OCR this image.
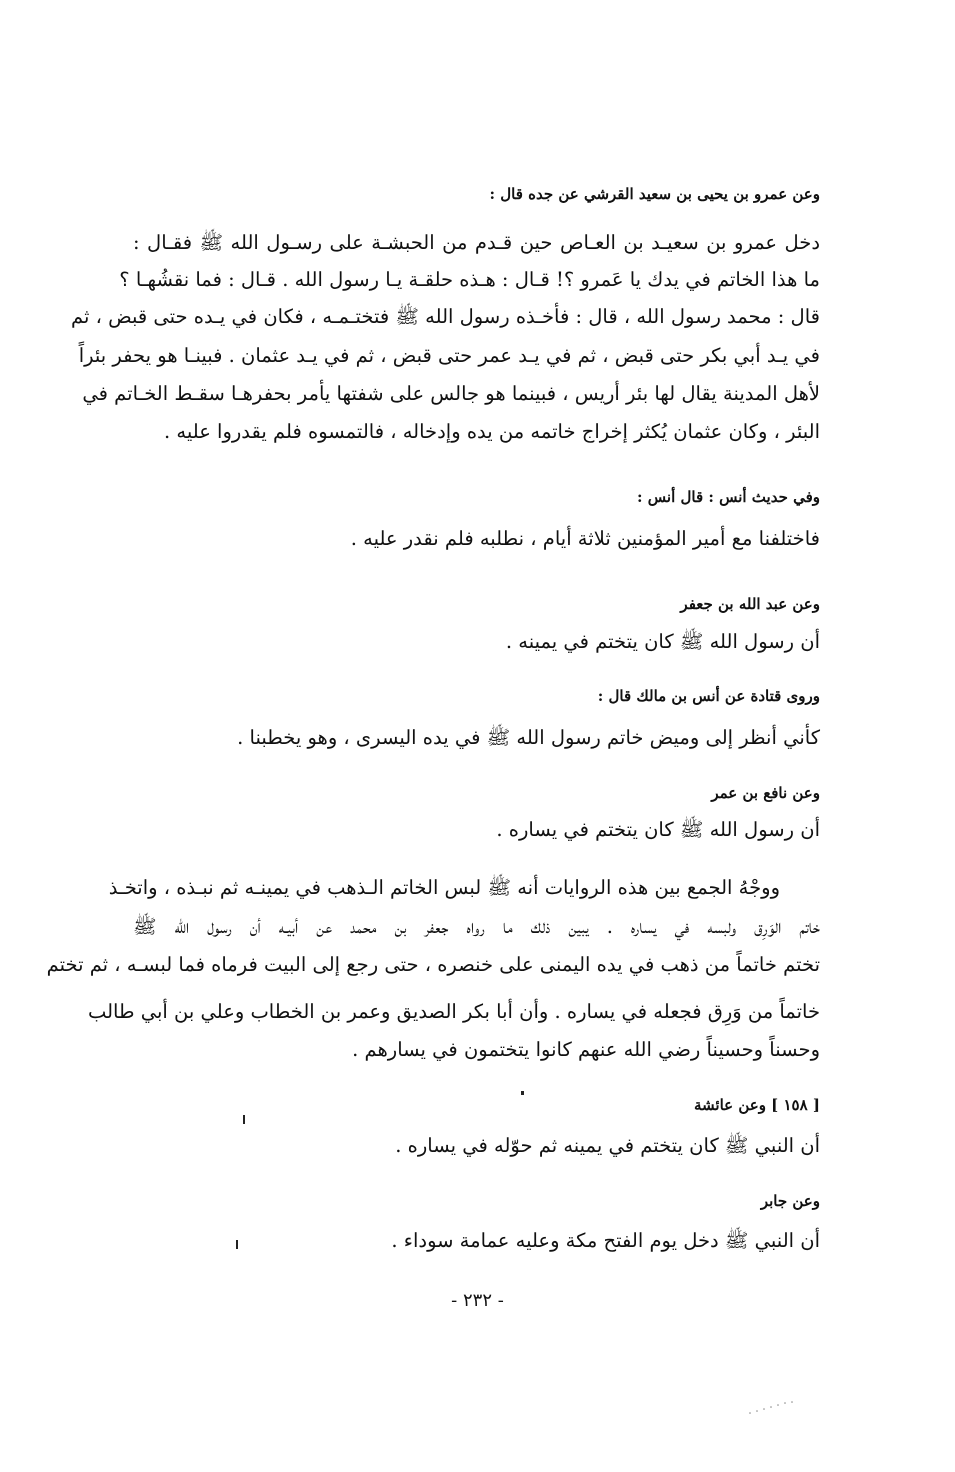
وعن عمرو بن يحيى بن سعيد القرشي عن جده قال :
دخل عمرو بن سعيـد بن العـاص حين قـدم من الحبشـة على رسـول الله ﷺ فقـال :
ما هذا الخاتم في يدك يا عَمرو ؟! قـال : هـذه حلقـة يـا رسول الله . قـال : فما نقشُهـا ؟
قال : محمد رسول الله ، قال : فأخـذه رسول الله ﷺ فتختـمـه ، فكان في يـده حتى قبض ، ثم
في يـد أبي بكر حتى قبض ، ثم في يـد عمر حتى قبض ، ثم في يـد عثمان . فبينـا هو يحفر بئراً
لأهل المدينة يقال لها بئر أريس ، فبينما هو جالس على شفتها يأمر بحفرهـا سقـط الخـاتم في
البئر ، وكان عثمان يُكثر إخراج خاتمه من يده وإدخاله ، فالتمسوه فلم يقدروا عليه .
وفي حديث أنس : قال أنس :
فاختلفنا مع أمير المؤمنين ثلاثة أيام ، نطلبه فلم نقدر عليه .
وعن عبد الله بن جعفر
أن رسول الله ﷺ كان يتختم في يمينه .
وروى قتادة عن أنس بن مالك قال :
كأني أنظر إلى وميض خاتم رسول الله ﷺ في يده اليسرى ، وهو يخطبنا .
وعن نافع بن عمر
أن رسول الله ﷺ كان يتختم في يساره .
ووجْهُ الجمع بين هذه الروايات أنه ﷺ لبس الخاتم الـذهب في يمينـه ثم نبـذه ، واتخـذ
خاتم الوَرِق ولبسه في يساره . يبين ذلك ما رواه جعفر بن محمد عن أبيـه أن رسول الله ﷺ
تختم خاتماً من ذهب في يده اليمنى على خنصره ، حتى رجع إلى البيت فرماه فما لبسـه ، ثم تختم
خاتماً من وَرِق فجعله في يساره . وأن أبا بكر الصديق وعمر بن الخطاب وعلي بن أبي طالب
وحسناً وحسيناً رضي الله عنهم كانوا يتختمون في يسارهم .
[ ١٥٨ ] وعن عائشة
أن النبي ﷺ كان يتختم في يمينه ثم حوّله في يساره .
وعن جابر
أن النبي ﷺ دخل يوم الفتح مكة وعليه عمامة سوداء .
- ٢٣٢ -
